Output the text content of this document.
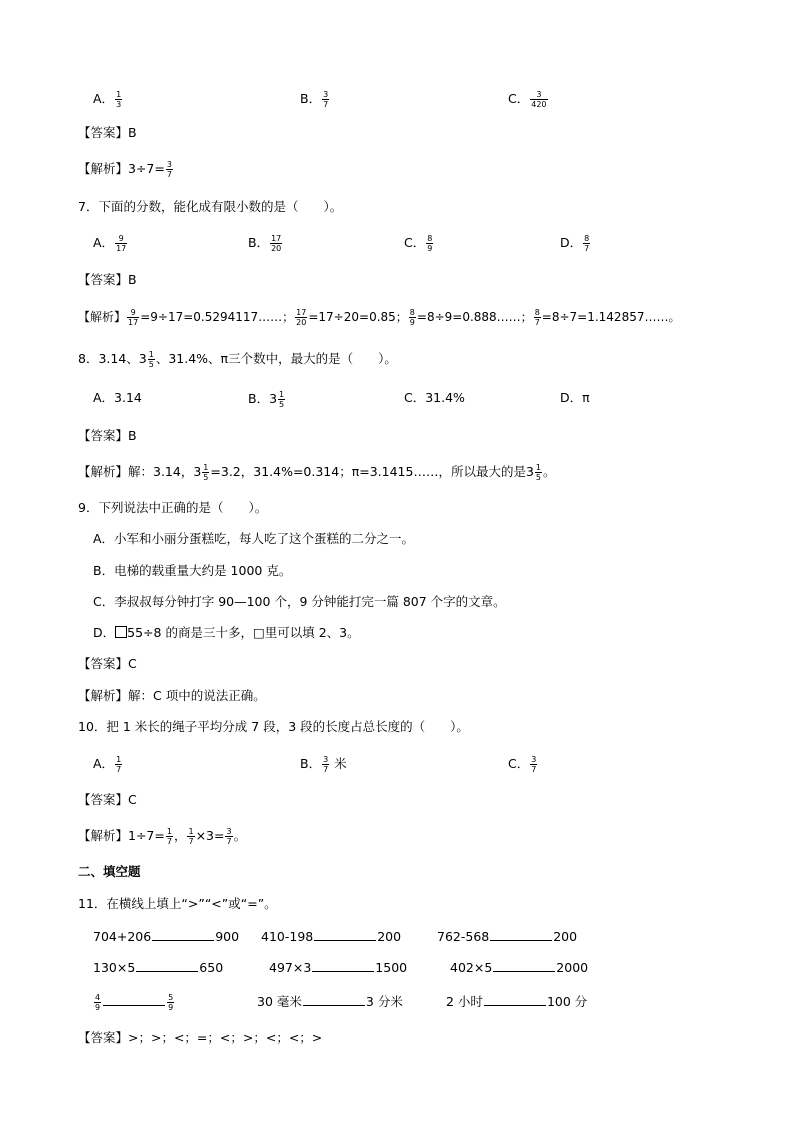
A． $\frac{1}{3}$	B． $\frac{3}{7}$	C． $\frac{3}{420}$
【答案】B
【解析】$3\div 7= \frac{3}{7}$
7．下面的分数，能化成有限小数的是（　　）。
A． $\frac{9}{17}$	B． $\frac{17}{20}$	C． $\frac{8}{9}$	D． $\frac{8}{7}$
【答案】B
【解析】 $\frac{9}{17}$ =9÷17=0.5294117……； $\frac{17}{20} =17\div 20=0.85$； $\frac{8}{9}$ =8÷9=0.888……； $\frac{8}{7}$ =8÷7=1.142857……。
8．3.14、$3 \frac{1}{5}$ 、31.4%、π三个数中，最大的是（　　）。
A．3.14	B．$3 \frac{1}{5}$	C．31.4%	D．π
【答案】B
【解析】解：3.14，$3 \frac{1}{5} =3.2$，31.4%=0.314；π=3.1415……，所以最大的是$3 \frac{1}{5}$ 。
9．下列说法中正确的是（　　）。
A．小军和小丽分蛋糕吃，每人吃了这个蛋糕的二分之一。
B．电梯的载重量大约是 1000 克。
C．李叔叔每分钟打字 90—100 个，9 分钟能打完一篇 807 个字的文章。
D． 55÷8 的商是三十多，□里可以填 2、3。
【答案】C
【解析】解：C 项中的说法正确。
10．把 1 米长的绳子平均分成 7 段，3 段的长度占总长度的（　　）。
A． $\frac{1}{7}$	B． $\frac{3}{7}$ 米	C． $\frac{3}{7}$
【答案】C
【解析】$1\div 7= \frac{1}{7}$ ， $\frac{1}{7} \times 3= \frac{3}{7}$ 。
二、填空题
11．在横线上填上“>”“<”或“=”。
704+206	900 410-198	200	762-568	200
130×5	650	497×3	1500	402×5	2000
$\frac{4}{9}$	$\frac{5}{9}$	30 毫米	3 分米	2 小时	100 分
【答案】>；>；<；=；<；>；<；<；>
